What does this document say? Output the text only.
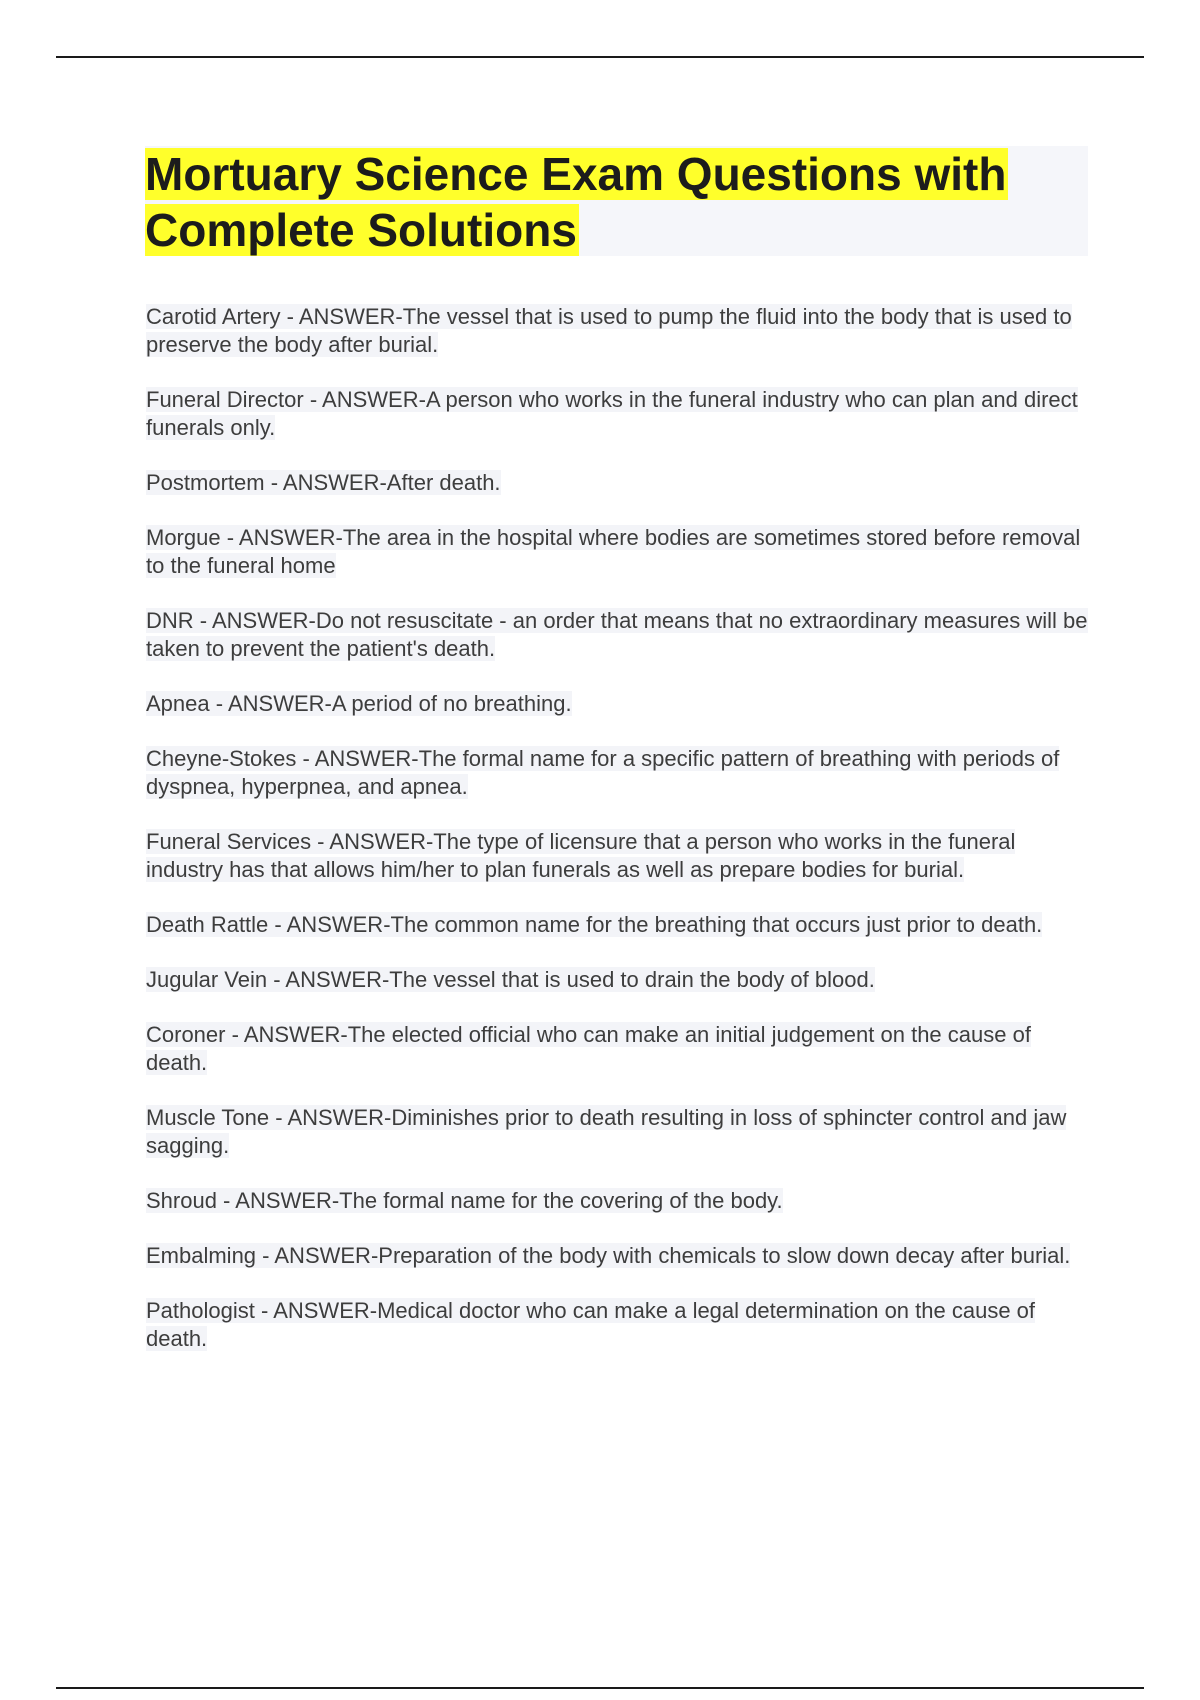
Mortuary Science Exam Questions with
Complete Solutions
Carotid Artery - ANSWER-The vessel that is used to pump the fluid into the body that is used to preserve the body after burial.
Funeral Director - ANSWER-A person who works in the funeral industry who can plan and direct funerals only.
Postmortem - ANSWER-After death.
Morgue - ANSWER-The area in the hospital where bodies are sometimes stored before removal to the funeral home
DNR - ANSWER-Do not resuscitate - an order that means that no extraordinary measures will be taken to prevent the patient's death.
Apnea - ANSWER-A period of no breathing.
Cheyne-Stokes - ANSWER-The formal name for a specific pattern of breathing with periods of dyspnea, hyperpnea, and apnea.
Funeral Services - ANSWER-The type of licensure that a person who works in the funeral industry has that allows him/her to plan funerals as well as prepare bodies for burial.
Death Rattle - ANSWER-The common name for the breathing that occurs just prior to death.
Jugular Vein - ANSWER-The vessel that is used to drain the body of blood.
Coroner - ANSWER-The elected official who can make an initial judgement on the cause of death.
Muscle Tone - ANSWER-Diminishes prior to death resulting in loss of sphincter control and jaw sagging.
Shroud - ANSWER-The formal name for the covering of the body.
Embalming - ANSWER-Preparation of the body with chemicals to slow down decay after burial.
Pathologist - ANSWER-Medical doctor who can make a legal determination on the cause of death.
